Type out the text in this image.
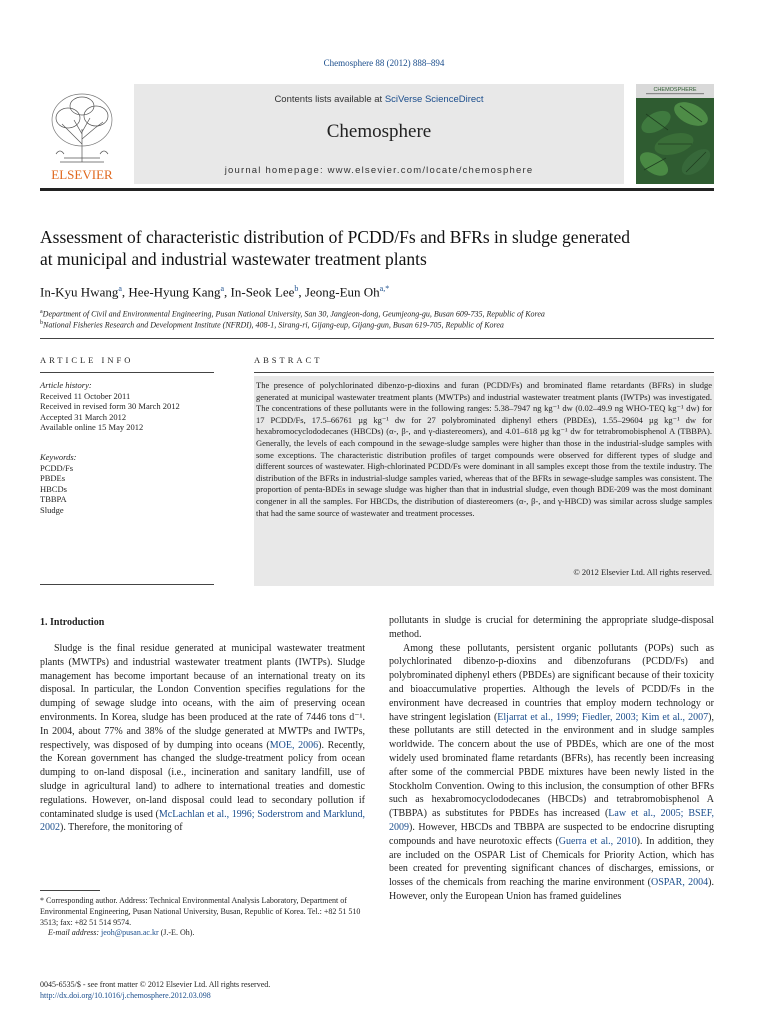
Chemosphere 88 (2012) 888–894
Contents lists available at SciVerse ScienceDirect
Chemosphere
journal homepage: www.elsevier.com/locate/chemosphere
ELSEVIER
CHEMOSPHERE
Assessment of characteristic distribution of PCDD/Fs and BFRs in sludge generated
at municipal and industrial wastewater treatment plants
In-Kyu Hwang$^a$, Hee-Hyung Kang$^a$, In-Seok Lee$^b$, Jeong-Eun $Oh^{a,*}$
$^a$Department of Civil and Environmental Engineering, Pusan National University, San 30, Jangjeon-dong, Geumjeong-gu, Busan 609-735, Republic of Korea
$^b$National Fisheries Research and Development Institute (NFRDI), 408-1, Sirang-ri, Gijang-eup, Gijang-gun, Busan 619-705, Republic of Korea
ARTICLE INFO
Article history:
Received 11 October 2011
Received in revised form 30 March 2012
Accepted 31 March 2012
Available online 15 May 2012
Keywords:
PCDD/Fs
PBDEs
HBCDs
TBBPA
Sludge
ABSTRACT
The presence of polychlorinated dibenzo-p-dioxins and furan (PCDD/Fs) and brominated flame retardants (BFRs) in sludge generated at municipal wastewater treatment plants (MWTPs) and industrial wastewater treatment plants (IWTPs) was investigated. The concentrations of these pollutants were in the following ranges: 5.38–7947 ng kg⁻¹ dw (0.02–49.9 ng WHO-TEQ kg⁻¹ dw) for 17 PCDD/Fs, 17.5–66761 µg kg⁻¹ dw for 27 polybrominated diphenyl ethers (PBDEs), 1.55–29604 µg kg⁻¹ dw for hexabromocyclododecanes (HBCDs) (α-, β-, and γ-diastereomers), and 4.01–618 µg kg⁻¹ dw for tetrabromobisphenol A (TBBPA). Generally, the levels of each compound in the sewage-sludge samples were higher than those in the industrial-sludge samples with some exceptions. The characteristic distribution profiles of target compounds were observed for different types of sludge and different sources of wastewater. High-chlorinated PCDD/Fs were dominant in all samples except those from the textile industry. The distribution of the BFRs in industrial-sludge samples varied, whereas that of the BFRs in sewage-sludge samples was consistent. The proportion of penta-BDEs in sewage sludge was higher than that in industrial sludge, even though BDE-209 was the most dominant congener in all the samples. For HBCDs, the distribution of diastereomers (α-, β-, and γ-HBCD) was similar across sludge samples that had the same source of wastewater and treatment processes.
© 2012 Elsevier Ltd. All rights reserved.
1. Introduction

Sludge is the final residue generated at municipal wastewater treatment plants (MWTPs) and industrial wastewater treatment plants (IWTPs). Sludge management has become important because of an international treaty on its disposal. In particular, the London Convention specifies regulations for the dumping of sewage sludge into oceans, with the aim of preserving ocean environments. In Korea, sludge has been produced at the rate of 7446 tons d⁻¹. In 2004, about 77% and 38% of the sludge generated at MWTPs and IWTPs, respectively, was disposed of by dumping into oceans (MOE, 2006). Recently, the Korean government has changed the sludge-treatment policy from ocean dumping to on-land disposal (i.e., incineration and sanitary landfill, use of sludge in agricultural land) to adhere to international treaties and domestic regulations. However, on-land disposal could lead to secondary pollution if contaminated sludge is used (McLachlan et al., 1996; Soderstrom and Marklund, 2002). Therefore, the monitoring of

* Corresponding author. Address: Technical Environmental Analysis Laboratory, Department of Environmental Engineering, Pusan National University, Busan, Republic of Korea. Tel.: +82 51 510 3513; fax: +82 51 514 9574.

E-mail address: jeoh@pusan.ac.kr (J.-E. Oh).

0045-6535/$ - see front matter © 2012 Elsevier Ltd. All rights reserved.
http://dx.doi.org/10.1016/j.chemosphere.2012.03.098

pollutants in sludge is crucial for determining the appropriate sludge-disposal method.

Among these pollutants, persistent organic pollutants (POPs) such as polychlorinated dibenzo-p-dioxins and dibenzofurans (PCDD/Fs) and polybrominated diphenyl ethers (PBDEs) are significant because of their toxicity and bioaccumulative properties. Although the levels of PCDD/Fs in the environment have decreased in countries that employ modern technology or have stringent legislation (Eljarrat et al., 1999; Fiedler, 2003; Kim et al., 2007), these pollutants are still detected in the environment and in sludge samples worldwide. The concern about the use of PBDEs, which are one of the most widely used brominated flame retardants (BFRs), has recently been increasing after some of the commercial PBDE mixtures have been newly listed in the Stockholm Convention. Owing to this inclusion, the consumption of other BFRs such as hexabromocyclododecanes (HBCDs) and tetrabromobisphenol A (TBBPA) as substitutes for PBDEs has increased (Law et al., 2005; BSEF, 2009). However, HBCDs and TBBPA are suspected to be endocrine disrupting compounds and have neurotoxic effects (Guerra et al., 2010). In addition, they are included on the OSPAR List of Chemicals for Priority Action, which has been created for preventing significant chances of discharges, emissions, or losses of the chemicals from reaching the marine environment (OSPAR, 2004). However, only the European Union has framed guidelines
